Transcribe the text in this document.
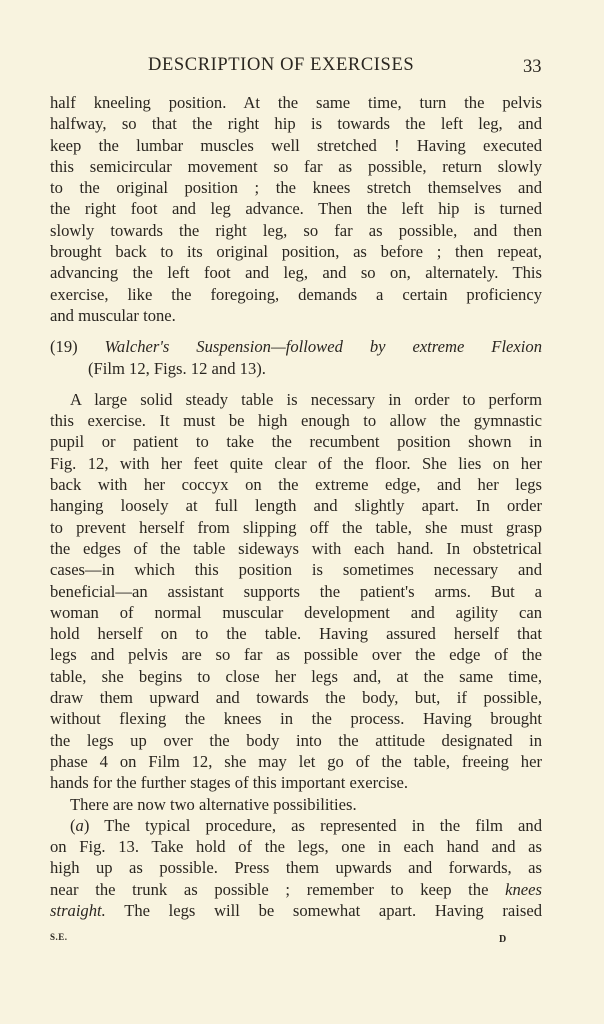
DESCRIPTION OF EXERCISES	33
half kneeling position. At the same time, turn the pelvis
halfway, so that the right hip is towards the left leg, and
keep the lumbar muscles well stretched ! Having executed
this semicircular movement so far as possible, return slowly
to the original position ; the knees stretch themselves and
the right foot and leg advance. Then the left hip is turned
slowly towards the right leg, so far as possible, and then
brought back to its original position, as before ; then repeat,
advancing the left foot and leg, and so on, alternately. This
exercise, like the foregoing, demands a certain proficiency
and muscular tone.
(19) Walcher's Suspension—followed by extreme Flexion
(Film 12, Figs. 12 and 13).
A large solid steady table is necessary in order to perform
this exercise. It must be high enough to allow the gymnastic
pupil or patient to take the recumbent position shown in
Fig. 12, with her feet quite clear of the floor. She lies on her
back with her coccyx on the extreme edge, and her legs
hanging loosely at full length and slightly apart. In order
to prevent herself from slipping off the table, she must grasp
the edges of the table sideways with each hand. In obstetrical
cases—in which this position is sometimes necessary and
beneficial—an assistant supports the patient's arms. But a
woman of normal muscular development and agility can
hold herself on to the table. Having assured herself that
legs and pelvis are so far as possible over the edge of the
table, she begins to close her legs and, at the same time,
draw them upward and towards the body, but, if possible,
without flexing the knees in the process. Having brought
the legs up over the body into the attitude designated in
phase 4 on Film 12, she may let go of the table, freeing her
hands for the further stages of this important exercise.
There are now two alternative possibilities.
(a) The typical procedure, as represented in the film and
on Fig. 13. Take hold of the legs, one in each hand and as
high up as possible. Press them upwards and forwards, as
near the trunk as possible ; remember to keep the knees
straight. The legs will be somewhat apart. Having raised
S.E.	D
